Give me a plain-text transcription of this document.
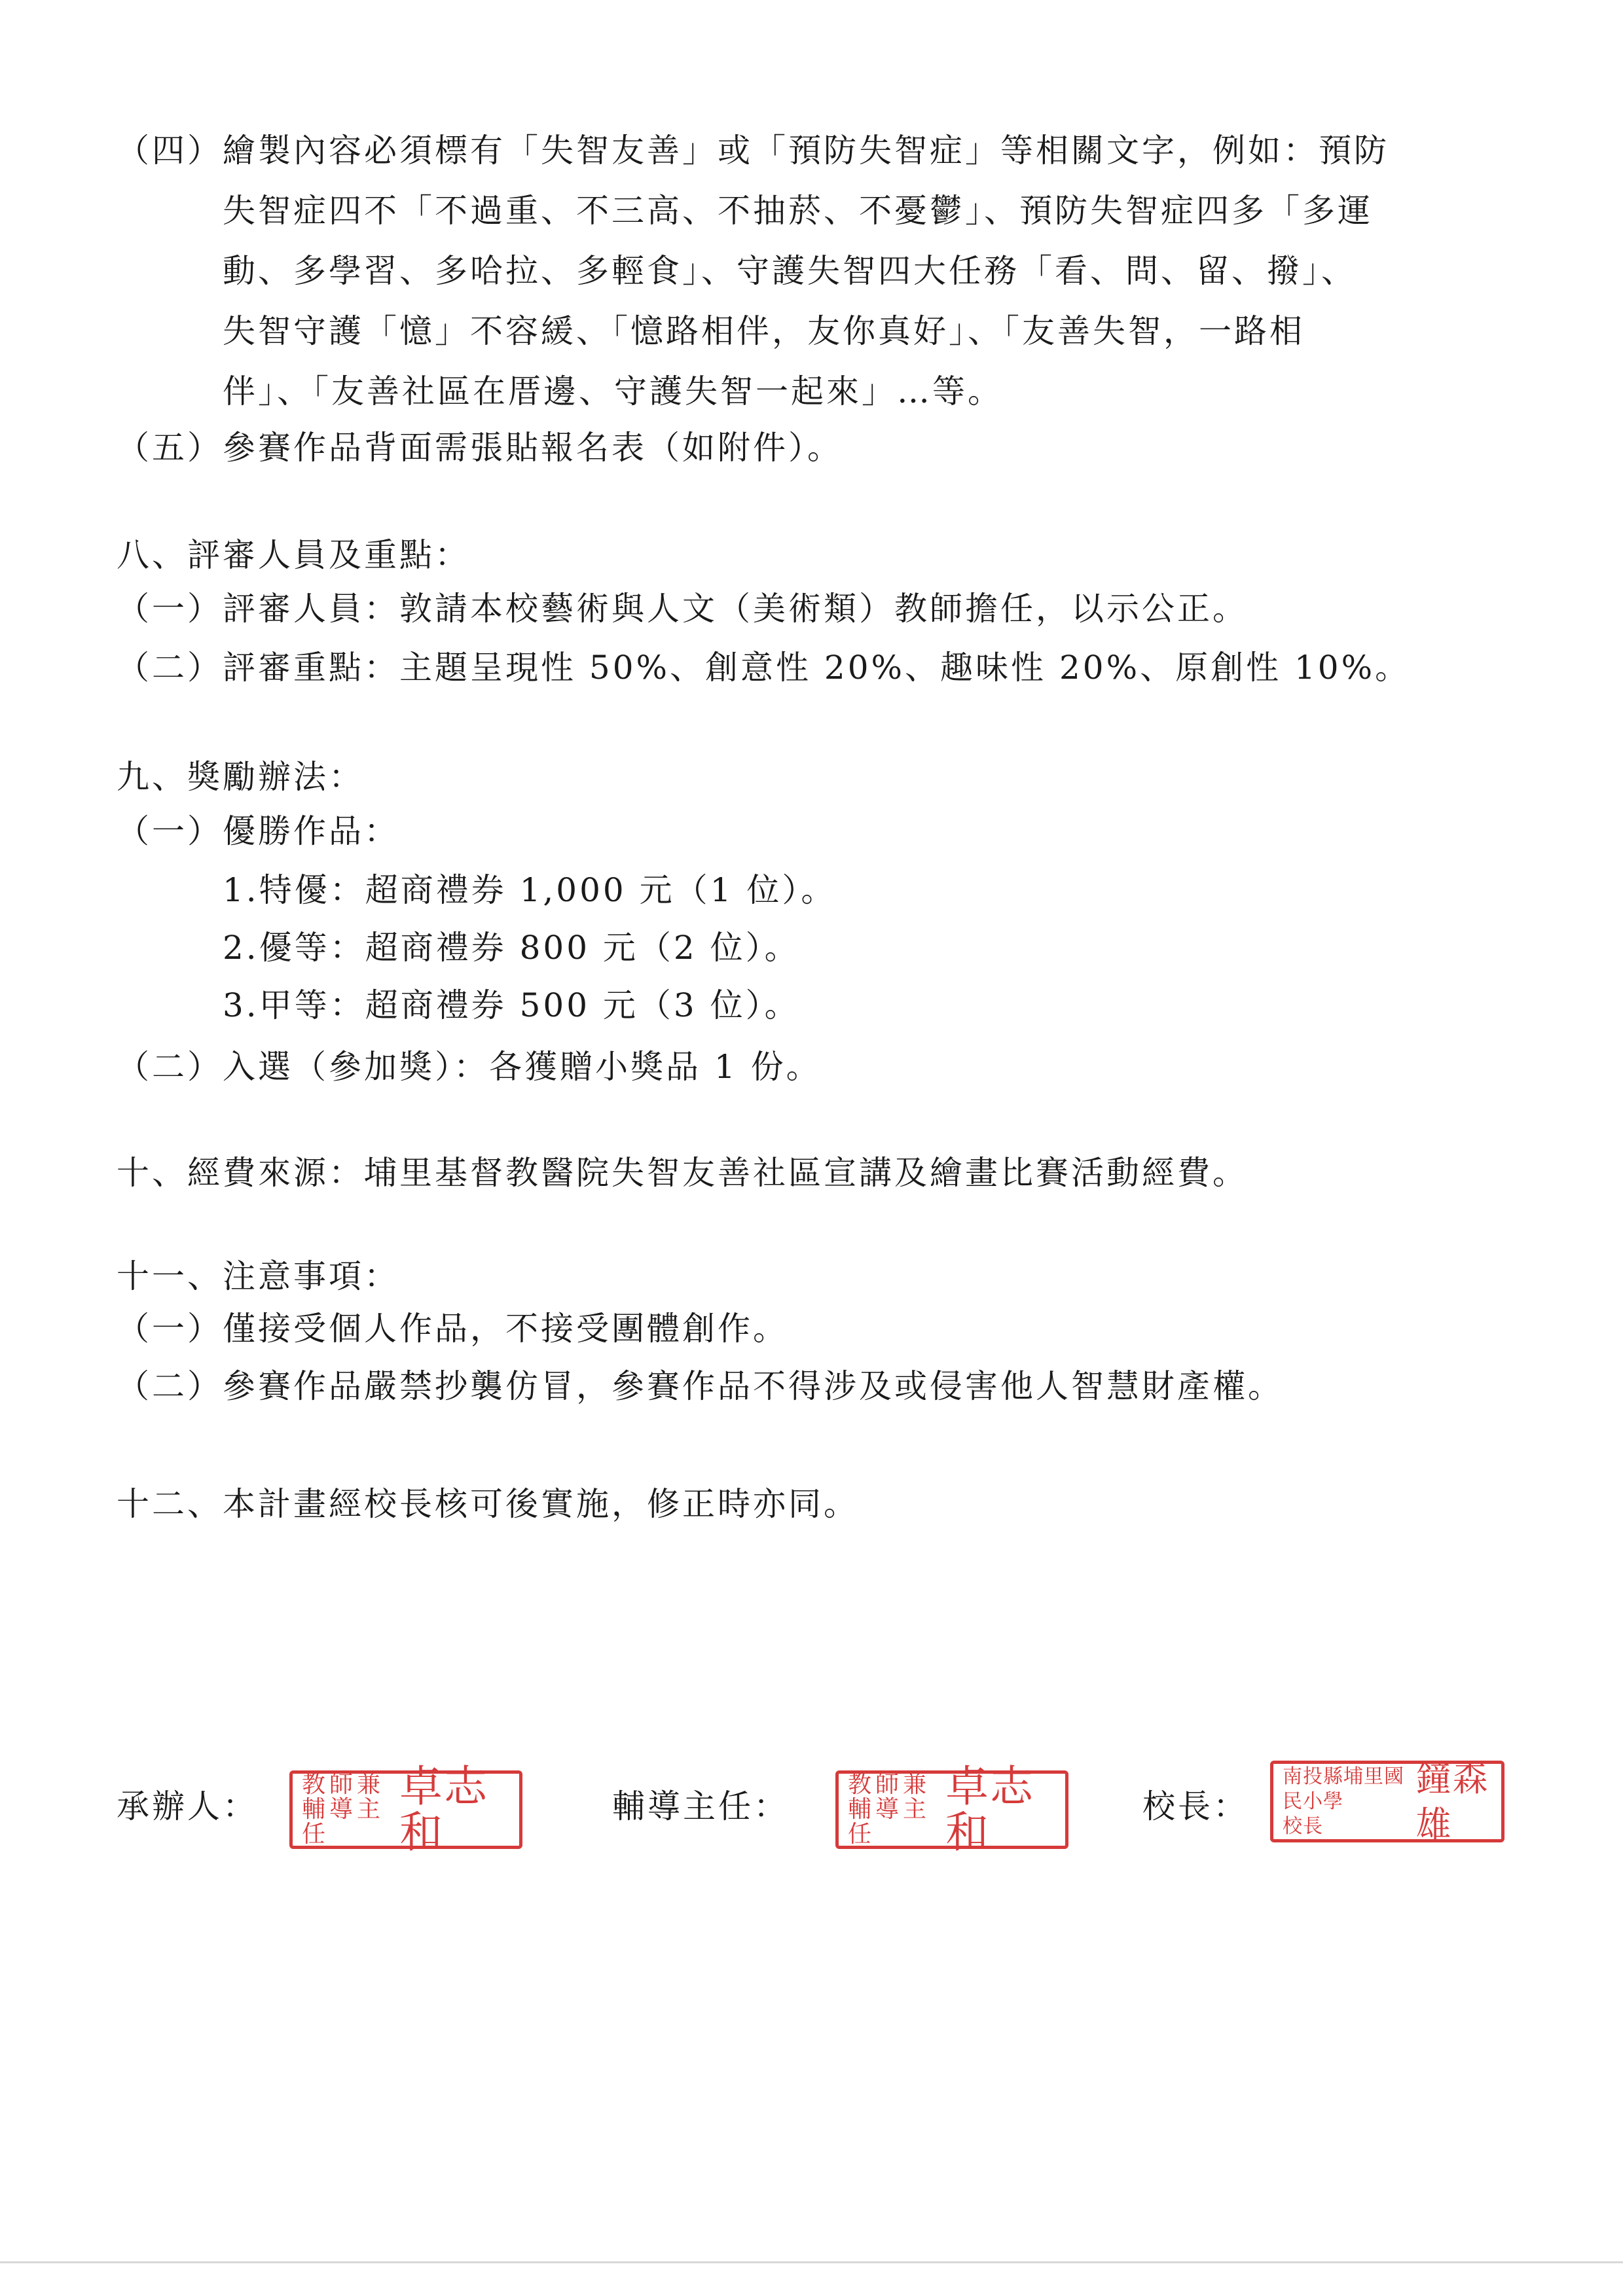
（四）繪製內容必須標有「失智友善」或「預防失智症」等相關文字，例如：預防
失智症四不「不過重、不三高、不抽菸、不憂鬱」、預防失智症四多「多運
動、多學習、多哈拉、多輕食」、守護失智四大任務「看、問、留、撥」、
失智守護「憶」不容緩、「憶路相伴，友你真好」、「友善失智，一路相
伴」、「友善社區在厝邊、守護失智一起來」…等。
（五）參賽作品背面需張貼報名表（如附件）。
八、評審人員及重點：
（一）評審人員：敦請本校藝術與人文（美術類）教師擔任，以示公正。
（二）評審重點：主題呈現性 50%、創意性 20%、趣味性 20%、原創性 10%。
九、獎勵辦法：
（一）優勝作品：
1.特優：超商禮券 1,000 元（1 位）。
2.優等：超商禮券 800 元（2 位）。
3.甲等：超商禮券 500 元（3 位）。
（二）入選（參加獎）：各獲贈小獎品 1 份。
十、經費來源：埔里基督教醫院失智友善社區宣講及繪畫比賽活動經費。
十一、注意事項：
（一）僅接受個人作品，不接受團體創作。
（二）參賽作品嚴禁抄襲仿冒，參賽作品不得涉及或侵害他人智慧財產權。
十二、本計畫經校長核可後實施，修正時亦同。
承辦人：
教師兼
輔導主任
卓志和
輔導主任：
教師兼
輔導主任
卓志和
校長：
南投縣埔里國民小學
校長
鐘森雄
